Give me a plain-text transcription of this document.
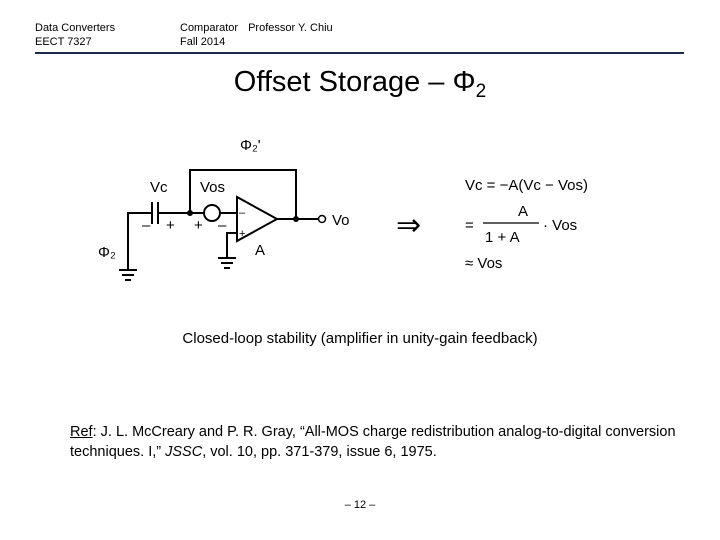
Data Converters
EECT 7327
Comparator Professor Y. Chiu
Fall 2014
Offset Storage – $\Phi_2$
Φ₂'
Vc Vos
Vo
A
Φ₂
– + + –
–
+	⇒
Vc = −A(Vc − Vos)
A
1 + A
· Vos
=
≈ Vos
Closed-loop stability (amplifier in unity-gain feedback)
Ref: J. L. McCreary and P. R. Gray, “All-MOS charge redistribution analog-to-digital conversion techniques. I,” JSSC, vol. 10, pp. 371-379, issue 6, 1975.
– 12 –
